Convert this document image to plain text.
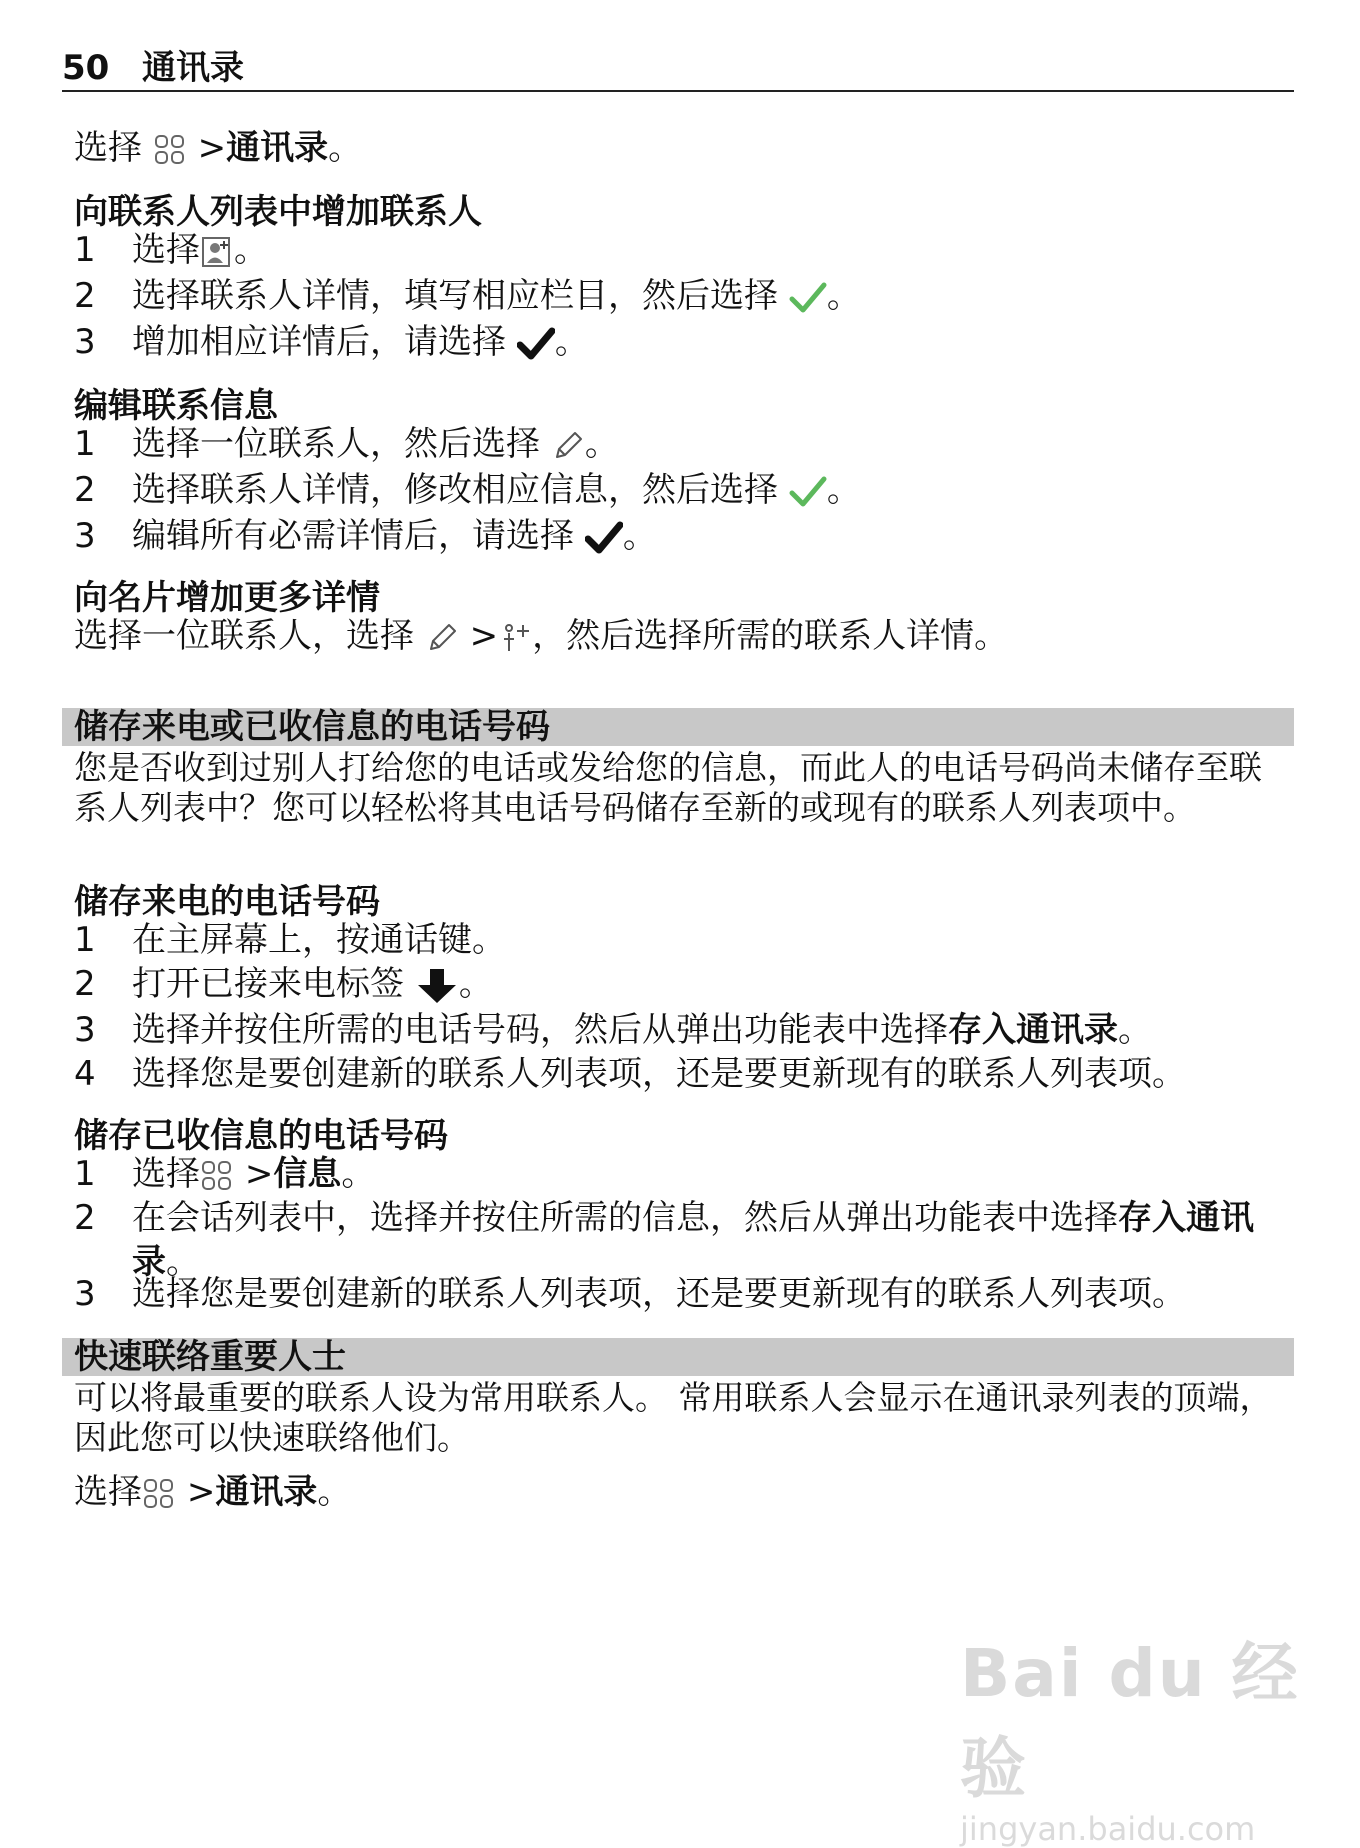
50 通讯录
选择 >通讯录。
向联系人列表中增加联系人
1 选择 。
2 选择联系人详情，填写相应栏目，然后选择 。
3 增加相应详情后，请选择 。
编辑联系信息
1 选择一位联系人，然后选择 。
2 选择联系人详情，修改相应信息，然后选择 。
3 编辑所有必需详情后，请选择 。
向名片增加更多详情
选择一位联系人，选择 > ，然后选择所需的联系人详情。
储存来电或已收信息的电话号码
您是否收到过别人打给您的电话或发给您的信息，而此人的电话号码尚未储存至联系人列表中？您可以轻松将其电话号码储存至新的或现有的联系人列表项中。
储存来电的电话号码
1 在主屏幕上，按通话键。
2 打开已接来电标签 。
3 选择并按住所需的电话号码，然后从弹出功能表中选择存入通讯录。
4 选择您是要创建新的联系人列表项，还是要更新现有的联系人列表项。
储存已收信息的电话号码
1 选择 >信息。
2 在会话列表中，选择并按住所需的信息，然后从弹出功能表中选择存入通讯录。
3 选择您是要创建新的联系人列表项，还是要更新现有的联系人列表项。
快速联络重要人士
可以将最重要的联系人设为常用联系人。 常用联系人会显示在通讯录列表的顶端，因此您可以快速联络他们。
选择 >通讯录。
Bai du 经验
jingyan.baidu.com
